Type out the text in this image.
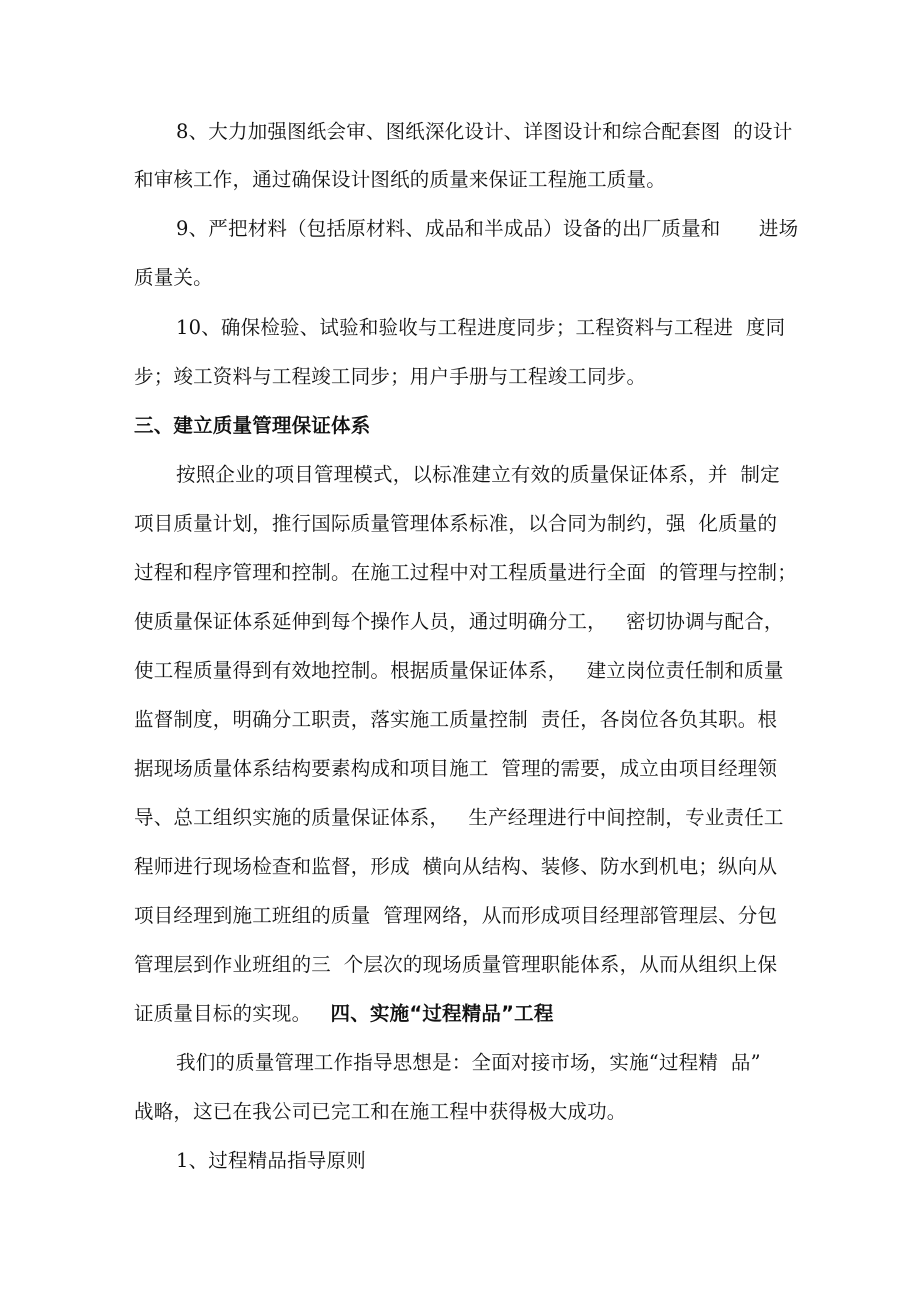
8、大力加强图纸会审、图纸深化设计、详图设计和综合配套图  的设计
和审核工作，通过确保设计图纸的质量来保证工程施工质量。
9、严把材料（包括原材料、成品和半成品）设备的出厂质量和      进场
质量关。
10、确保检验、试验和验收与工程进度同步；工程资料与工程进  度同
步；竣工资料与工程竣工同步；用户手册与工程竣工同步。
三、建立质量管理保证体系
按照企业的项目管理模式，以标准建立有效的质量保证体系，并  制定
项目质量计划，推行国际质量管理体系标准，以合同为制约，强  化质量的
过程和程序管理和控制。在施工过程中对工程质量进行全面  的管理与控制；
使质量保证体系延伸到每个操作人员，通过明确分工，   密切协调与配合，
使工程质量得到有效地控制。根据质量保证体系，   建立岗位责任制和质量
监督制度，明确分工职责，落实施工质量控制  责任，各岗位各负其职。根
据现场质量体系结构要素构成和项目施工  管理的需要，成立由项目经理领
导、总工组织实施的质量保证体系，   生产经理进行中间控制，专业责任工
程师进行现场检查和监督，形成  横向从结构、装修、防水到机电；纵向从
项目经理到施工班组的质量  管理网络，从而形成项目经理部管理层、分包
管理层到作业班组的三  个层次的现场质量管理职能体系，从而从组织上保
证质量目标的实现。 四、实施“过程精品”工程
我们的质量管理工作指导思想是：全面对接市场，实施“过程精  品”
战略，这已在我公司已完工和在施工程中获得极大成功。
1、过程精品指导原则
